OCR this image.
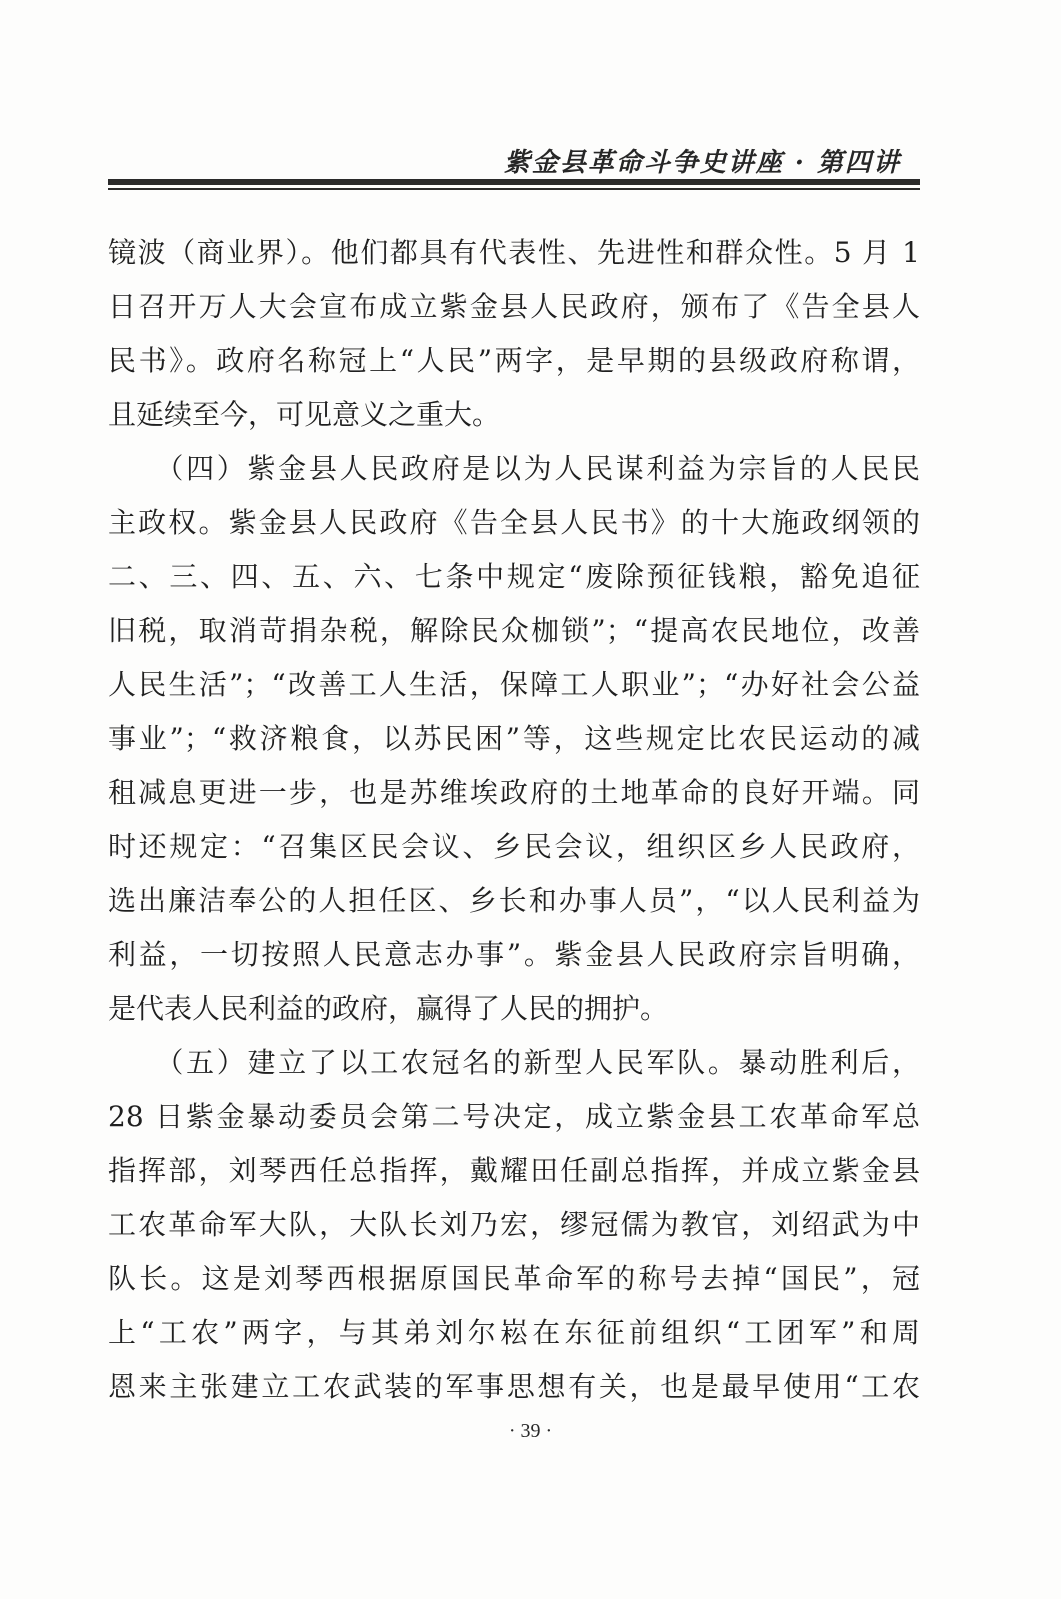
紫金县革命斗争史讲座 · 第四讲
镜波（商业界）。他们都具有代表性、先进性和群众性。5 月 1
日召开万人大会宣布成立紫金县人民政府，颁布了《告全县人
民书》。政府名称冠上“人民”两字，是早期的县级政府称谓，
且延续至今，可见意义之重大。
　　（四）紫金县人民政府是以为人民谋利益为宗旨的人民民
主政权。紫金县人民政府《告全县人民书》的十大施政纲领的
二、三、四、五、六、七条中规定“废除预征钱粮，豁免追征
旧税，取消苛捐杂税，解除民众枷锁”；“提高农民地位，改善
人民生活”；“改善工人生活，保障工人职业”；“办好社会公益
事业”；“救济粮食，以苏民困”等，这些规定比农民运动的减
租减息更进一步，也是苏维埃政府的土地革命的良好开端。同
时还规定：“召集区民会议、乡民会议，组织区乡人民政府，
选出廉洁奉公的人担任区、乡长和办事人员”，“以人民利益为
利益，一切按照人民意志办事”。紫金县人民政府宗旨明确，
是代表人民利益的政府，赢得了人民的拥护。
　　（五）建立了以工农冠名的新型人民军队。暴动胜利后，
28 日紫金暴动委员会第二号决定，成立紫金县工农革命军总
指挥部，刘琴西任总指挥，戴耀田任副总指挥，并成立紫金县
工农革命军大队，大队长刘乃宏，缪冠儒为教官，刘绍武为中
队长。这是刘琴西根据原国民革命军的称号去掉“国民”，冠
上“工农”两字，与其弟刘尔崧在东征前组织“工团军”和周
恩来主张建立工农武装的军事思想有关，也是最早使用“工农
· 39 ·
